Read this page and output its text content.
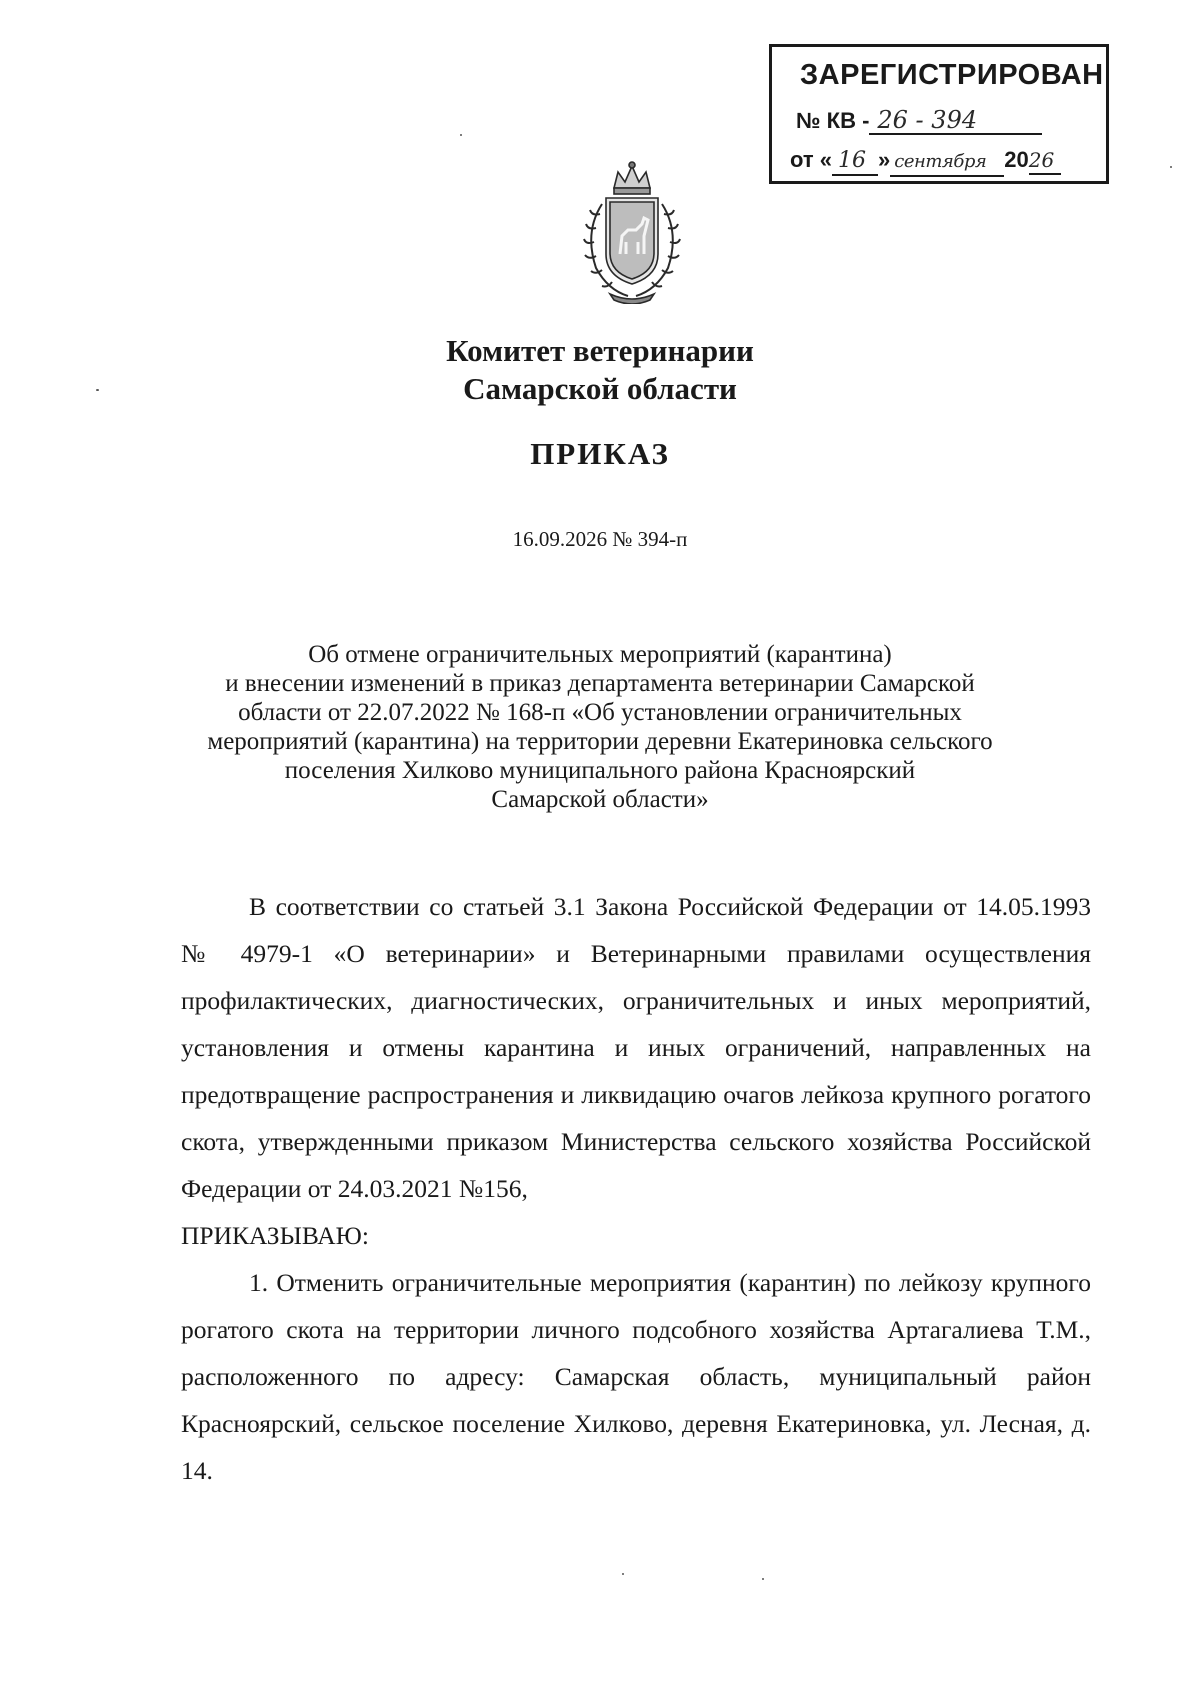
ЗАРЕГИСТРИРОВАН
№ КВ - 26 - 394
от « 16 » сентября 20 26
Комитет ветеринарии
Самарской области
ПРИКАЗ
16.09.2026 № 394-п
Об отмене ограничительных мероприятий (карантина)
и внесении изменений в приказ департамента ветеринарии Самарской
области от 22.07.2022 № 168-п «Об установлении ограничительных
мероприятий (карантина) на территории деревни Екатериновка сельского
поселения Хилково муниципального района Красноярский
Самарской области»

В соответствии со статьей 3.1 Закона Российской Федерации от 14.05.1993 № 4979-1 «О ветеринарии» и Ветеринарными правилами осуществления профилактических, диагностических, ограничительных и иных мероприятий, установления и отмены карантина и иных ограничений, направленных на предотвращение распространения и ликвидацию очагов лейкоза крупного рогатого скота, утвержденными приказом Министерства сельского хозяйства Российской Федерации от 24.03.2021 №156,

ПРИКАЗЫВАЮ:

1. Отменить ограничительные мероприятия (карантин) по лейкозу крупного рогатого скота на территории личного подсобного хозяйства Артагалиева Т.М., расположенного по адресу: Самарская область, муниципальный район Красноярский, сельское поселение Хилково, деревня Екатериновка, ул. Лесная, д. 14.
